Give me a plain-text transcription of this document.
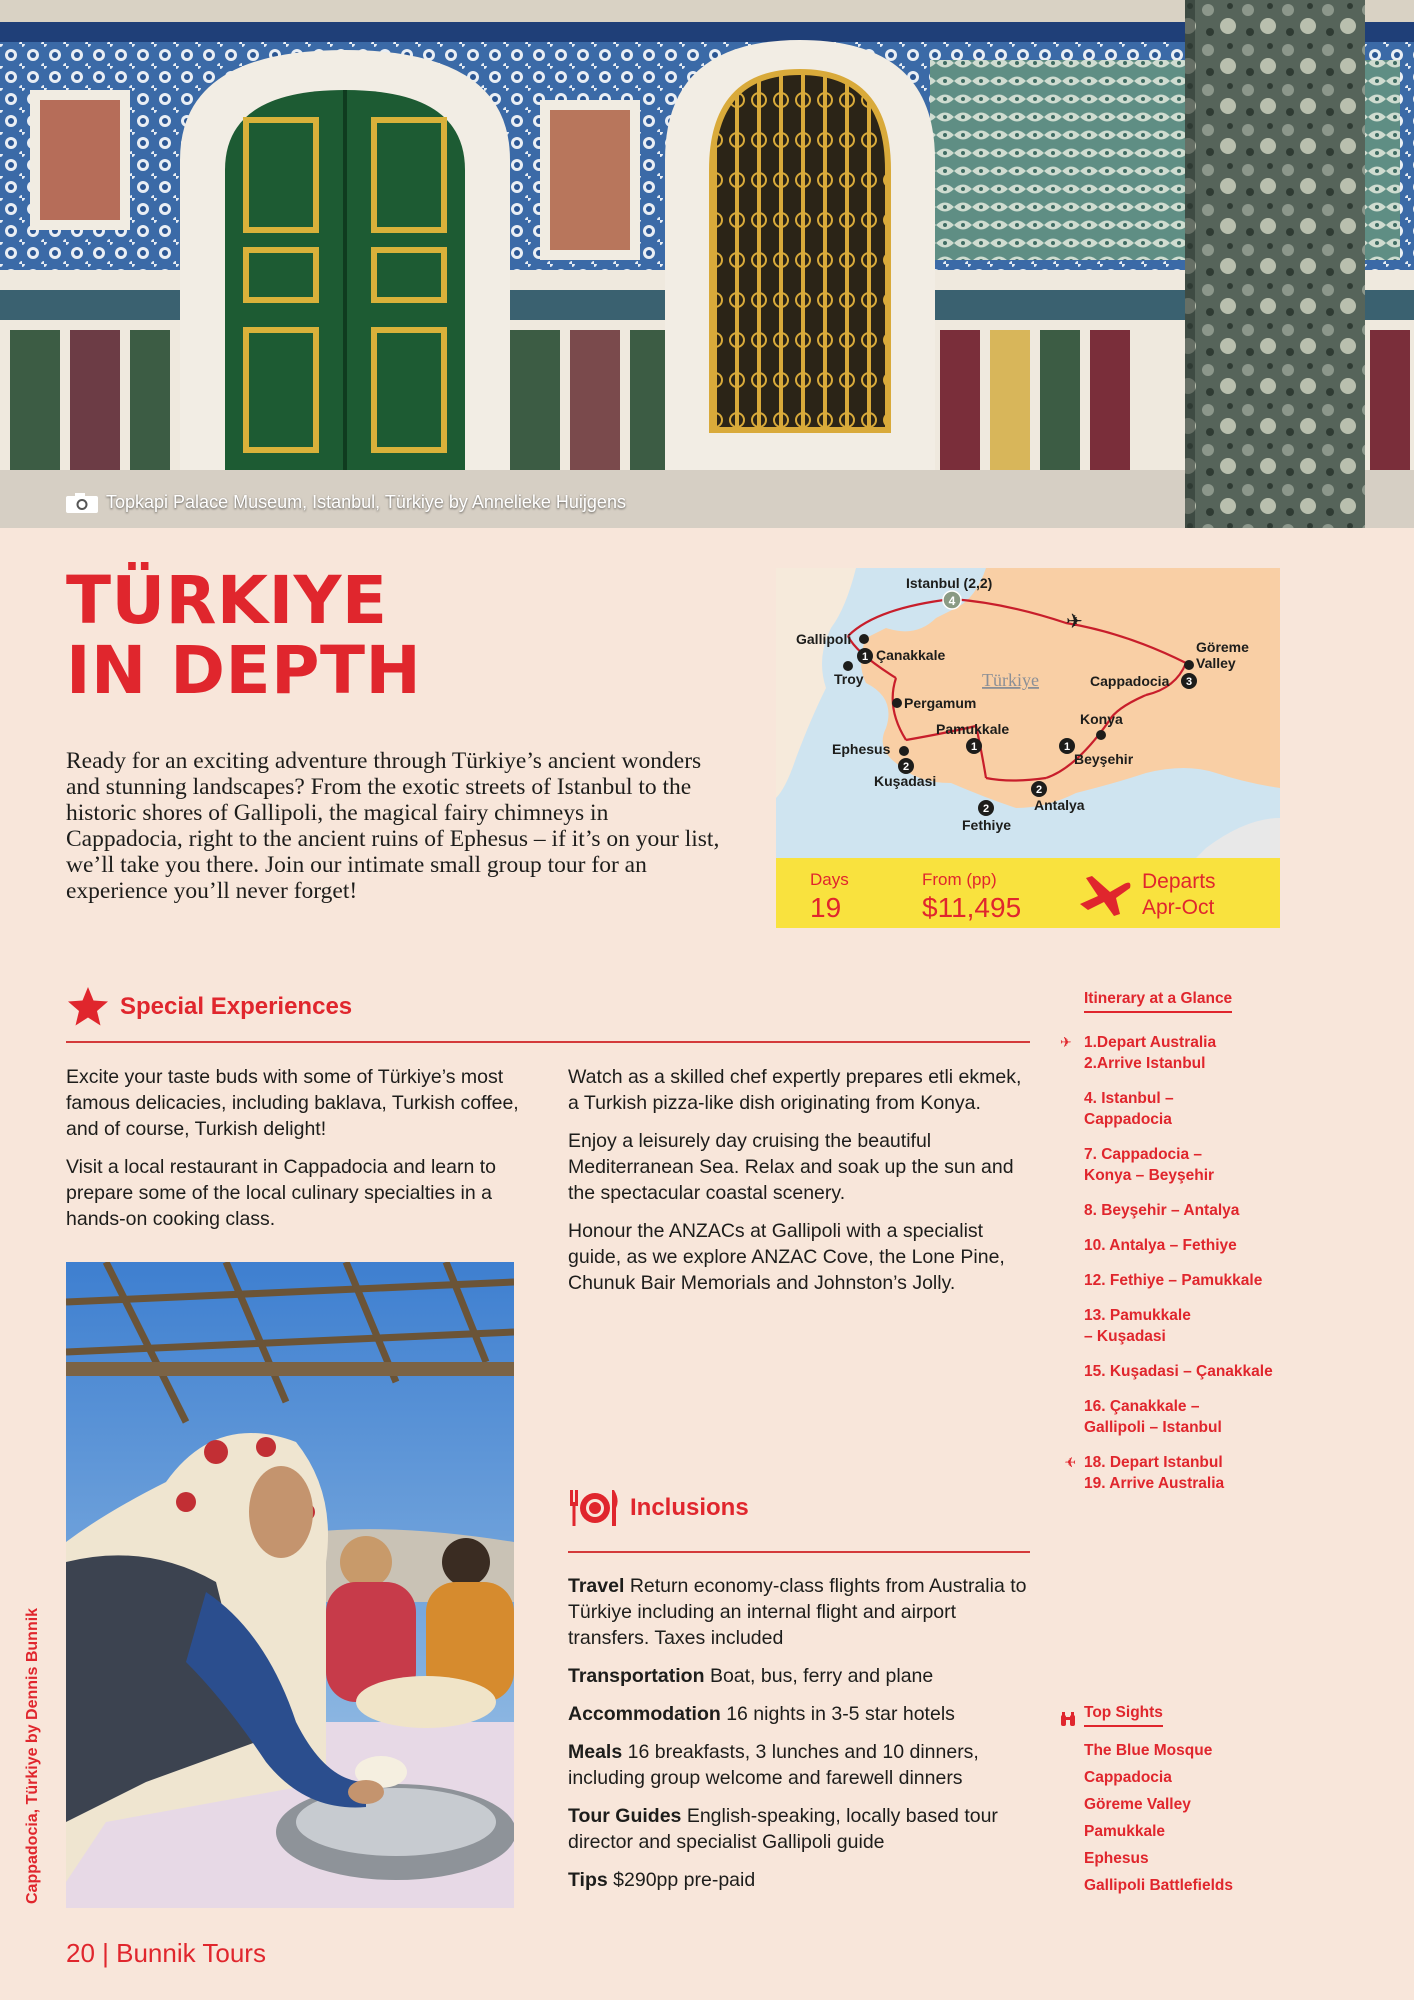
Topkapi Palace Museum, Istanbul, Türkiye by Annelieke Huijgens
TÜRKIYE
IN DEPTH

Ready for an exciting adventure through Türkiye’s ancient wonders and stunning landscapes? From the exotic streets of Istanbul to the historic shores of Gallipoli, the magical fairy chimneys in Cappadocia, right to the ancient ruins of Ephesus – if it’s on your list, we’ll take you there. Join our intimate small group tour for an experience you’ll never forget!

✈
4
1
3
1
2
2
1
2
Istanbul (2,2)
Gallipoli
Çanakkale
Troy
Pergamum
Pamukkale
Ephesus
Kuşadasi
Fethiye
Antalya
Beyşehir
Konya
Cappadocia
Göreme Valley
Türkiye
Days
19
From (pp)
$11,495
Departs
Apr-Oct
Special Experiences

Excite your taste buds with some of Türkiye’s most famous delicacies, including baklava, Turkish coffee, and of course, Turkish delight!

Visit a local restaurant in Cappadocia and learn to prepare some of the local culinary specialties in a hands-on cooking class.

Watch as a skilled chef expertly prepares etli ekmek, a Turkish pizza-like dish originating from Konya.

Enjoy a leisurely day cruising the beautiful Mediterranean Sea. Relax and soak up the sun and the spectacular coastal scenery.

Honour the ANZACs at Gallipoli with a specialist guide, as we explore ANZAC Cove, the Lone Pine, Chunuk Bair Memorials and Johnston’s Jolly.

Cappadocia, Türkiye by Dennis Bunnik
Inclusions

Travel Return economy-class flights from Australia to Türkiye including an internal flight and airport transfers. Taxes included

Transportation Boat, bus, ferry and plane

Accommodation 16 nights in 3-5 star hotels

Meals 16 breakfasts, 3 lunches and 10 dinners, including group welcome and farewell dinners

Tour Guides English-speaking, locally based tour director and specialist Gallipoli guide

Tips $290pp pre-paid

Itinerary at a Glance
✈ 1.Depart Australia
2.Arrive Istanbul
4. Istanbul –
Cappadocia
7. Cappadocia –
Konya – Beyşehir
8. Beyşehir – Antalya
10. Antalya – Fethiye
12. Fethiye – Pamukkale
13. Pamukkale
– Kuşadasi
15. Kuşadasi – Çanakkale
16. Çanakkale –
Gallipoli – Istanbul
✈ 18. Depart Istanbul
19. Arrive Australia
Top Sights
The Blue Mosque
Cappadocia
Göreme Valley
Pamukkale
Ephesus
Gallipoli Battlefields
20 | Bunnik Tours
